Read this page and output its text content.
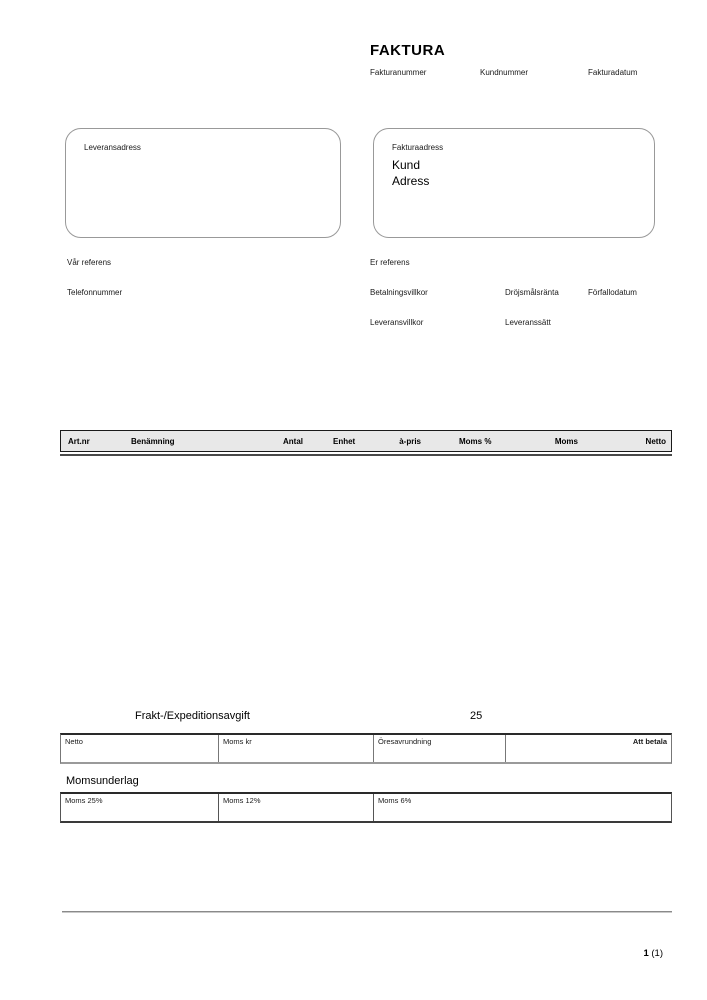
FAKTURA
Fakturanummer	Kundnummer	Fakturadatum
Leveransadress	Fakturaadress
Kund
Adress
Vår referens
Telefonnummer
Er referens
Betalningsvillkor	Dröjsmålsränta	Förfallodatum
Leveransvillkor	Leveranssätt
Art.nr	Benämning	Antal	Enhet	à-pris	Moms %	Moms	Netto
Frakt-/Expeditionsavgift	25
Netto	Moms kr	Öresavrundning	Att betala
Momsunderlag
Moms 25%	Moms 12%	Moms 6%
1 (1)
